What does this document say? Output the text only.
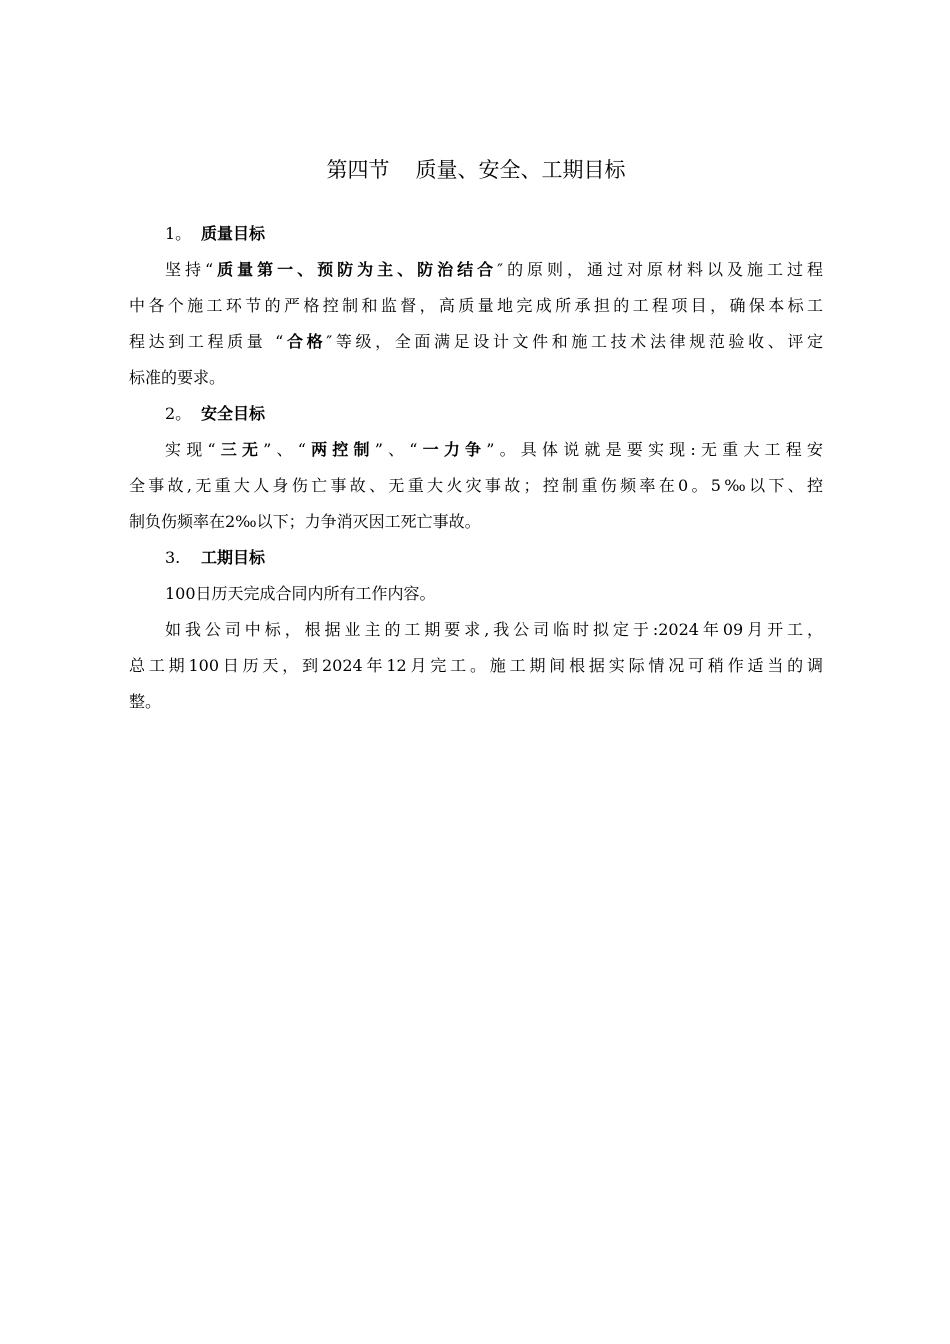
第四节 质量、安全、工期目标
1。 质量目标
坚持“质量第一、预防为主、防治结合″的原则，通过对原材料以及施工过程
中各个施工环节的严格控制和监督，高质量地完成所承担的工程项目，确保本标工
程达到工程质量 “合格″等级，全面满足设计文件和施工技术法律规范验收、评定
标准的要求。
2。 安全目标
实现“三无”、“两控制”、“一力争”。具体说就是要实现:无重大工程安
全事故,无重大人身伤亡事故、无重大火灾事故；控制重伤频率在0。5‰以下、控
制负伤频率在2‰以下；力争消灭因工死亡事故。
3. 工期目标
100日历天完成合同内所有工作内容。
如我公司中标，根据业主的工期要求,我公司临时拟定于:2024年09月开工，
总工期100日历天，到2024年12月完工。施工期间根据实际情况可稍作适当的调
整。
